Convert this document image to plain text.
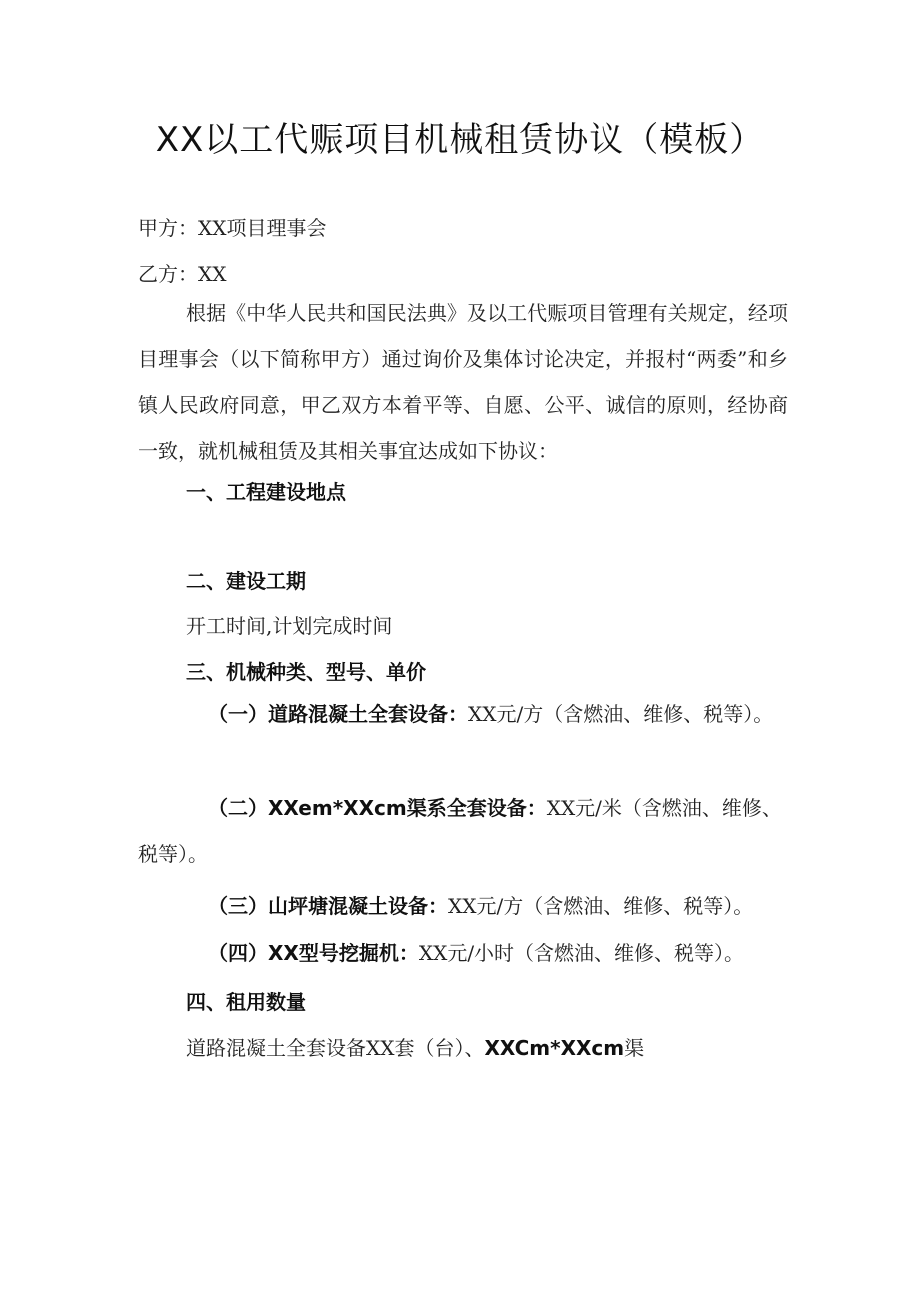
XX以工代赈项目机械租赁协议（模板）
甲方：XX项目理事会
乙方：XX

根据《中华人民共和国民法典》及以工代赈项目管理有关规定，经项目理事会（以下简称甲方）通过询价及集体讨论决定，并报村“两委”和乡镇人民政府同意，甲乙双方本着平等、自愿、公平、诚信的原则，经协商一致，就机械租赁及其相关事宜达成如下协议：

一、工程建设地点
二、建设工期
开工时间,计划完成时间
三、机械种类、型号、单价

（一）道路混凝土全套设备：XX元/方（含燃油、维修、税等）。

（二）XXem*XXcm渠系全套设备：XX元/米（含燃油、维修、税等）。

（三）山坪塘混凝土设备：XX元/方（含燃油、维修、税等）。
（四）XX型号挖掘机：XX元/小时（含燃油、维修、税等）。
四、租用数量
道路混凝土全套设备XX套（台）、XXCm*XXcm渠
